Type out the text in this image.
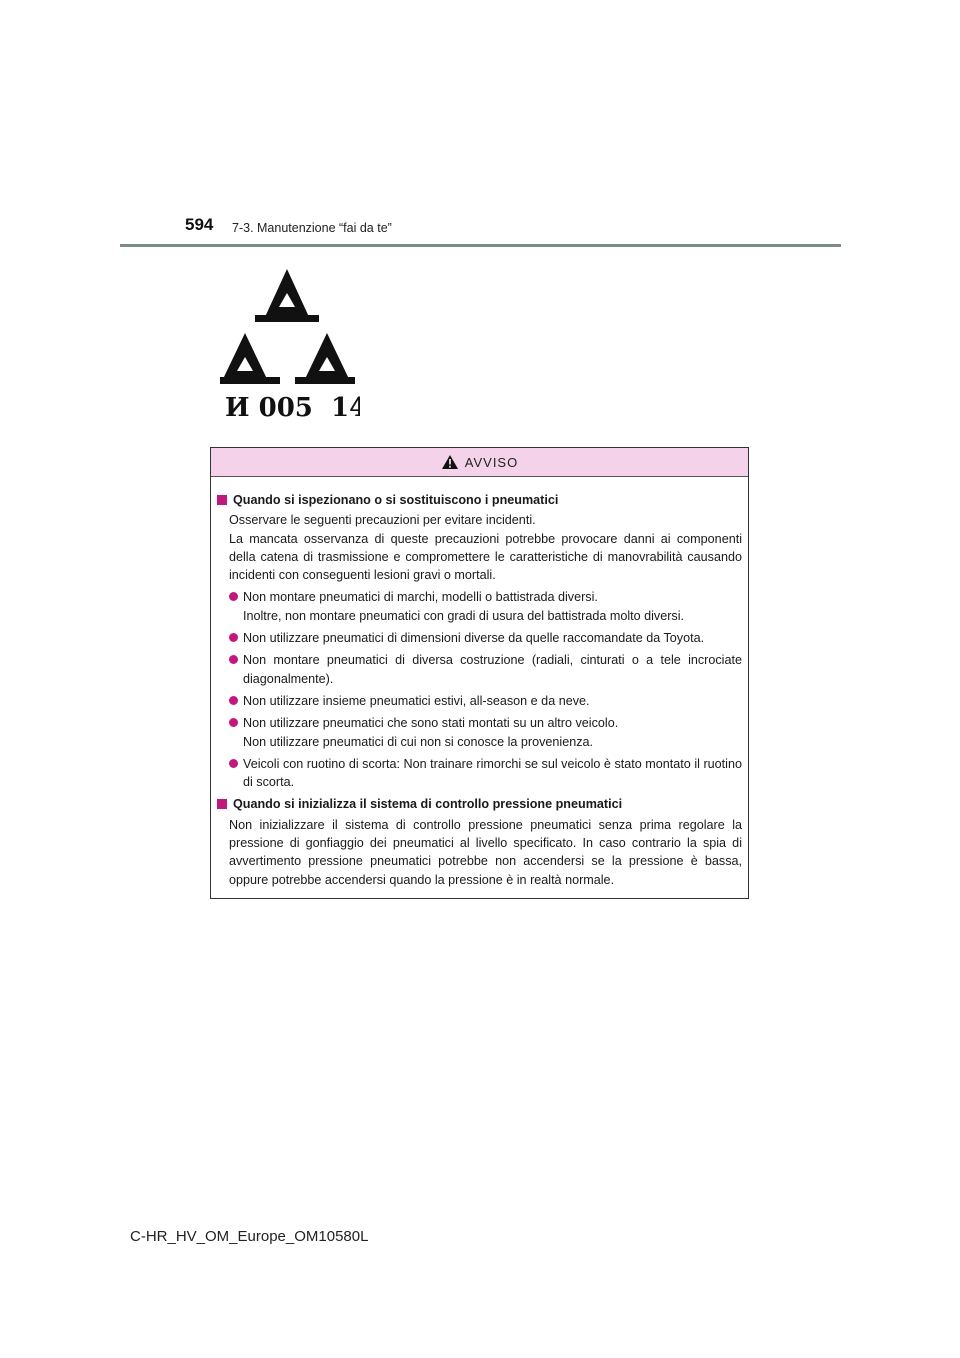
594 7-3. Manutenzione “fai da te”
И 005  14
AVVISO
Quando si ispezionano o si sostituiscono i pneumatici
Osservare le seguenti precauzioni per evitare incidenti.
La mancata osservanza di queste precauzioni potrebbe provocare danni ai componenti della catena di trasmissione e compromettere le caratteristiche di manovrabilità causando incidenti con conseguenti lesioni gravi o mortali.
Non montare pneumatici di marchi, modelli o battistrada diversi.
Inoltre, non montare pneumatici con gradi di usura del battistrada molto diversi.
Non utilizzare pneumatici di dimensioni diverse da quelle raccomandate da Toyota.
Non montare pneumatici di diversa costruzione (radiali, cinturati o a tele incrociate diagonalmente).
Non utilizzare insieme pneumatici estivi, all-season e da neve.
Non utilizzare pneumatici che sono stati montati su un altro veicolo.
Non utilizzare pneumatici di cui non si conosce la provenienza.
Veicoli con ruotino di scorta: Non trainare rimorchi se sul veicolo è stato montato il ruotino di scorta.
Quando si inizializza il sistema di controllo pressione pneumatici
Non inizializzare il sistema di controllo pressione pneumatici senza prima regolare la pressione di gonfiaggio dei pneumatici al livello specificato. In caso contrario la spia di avvertimento pressione pneumatici potrebbe non accendersi se la pressione è bassa, oppure potrebbe accendersi quando la pressione è in realtà normale.
C-HR_HV_OM_Europe_OM10580L
